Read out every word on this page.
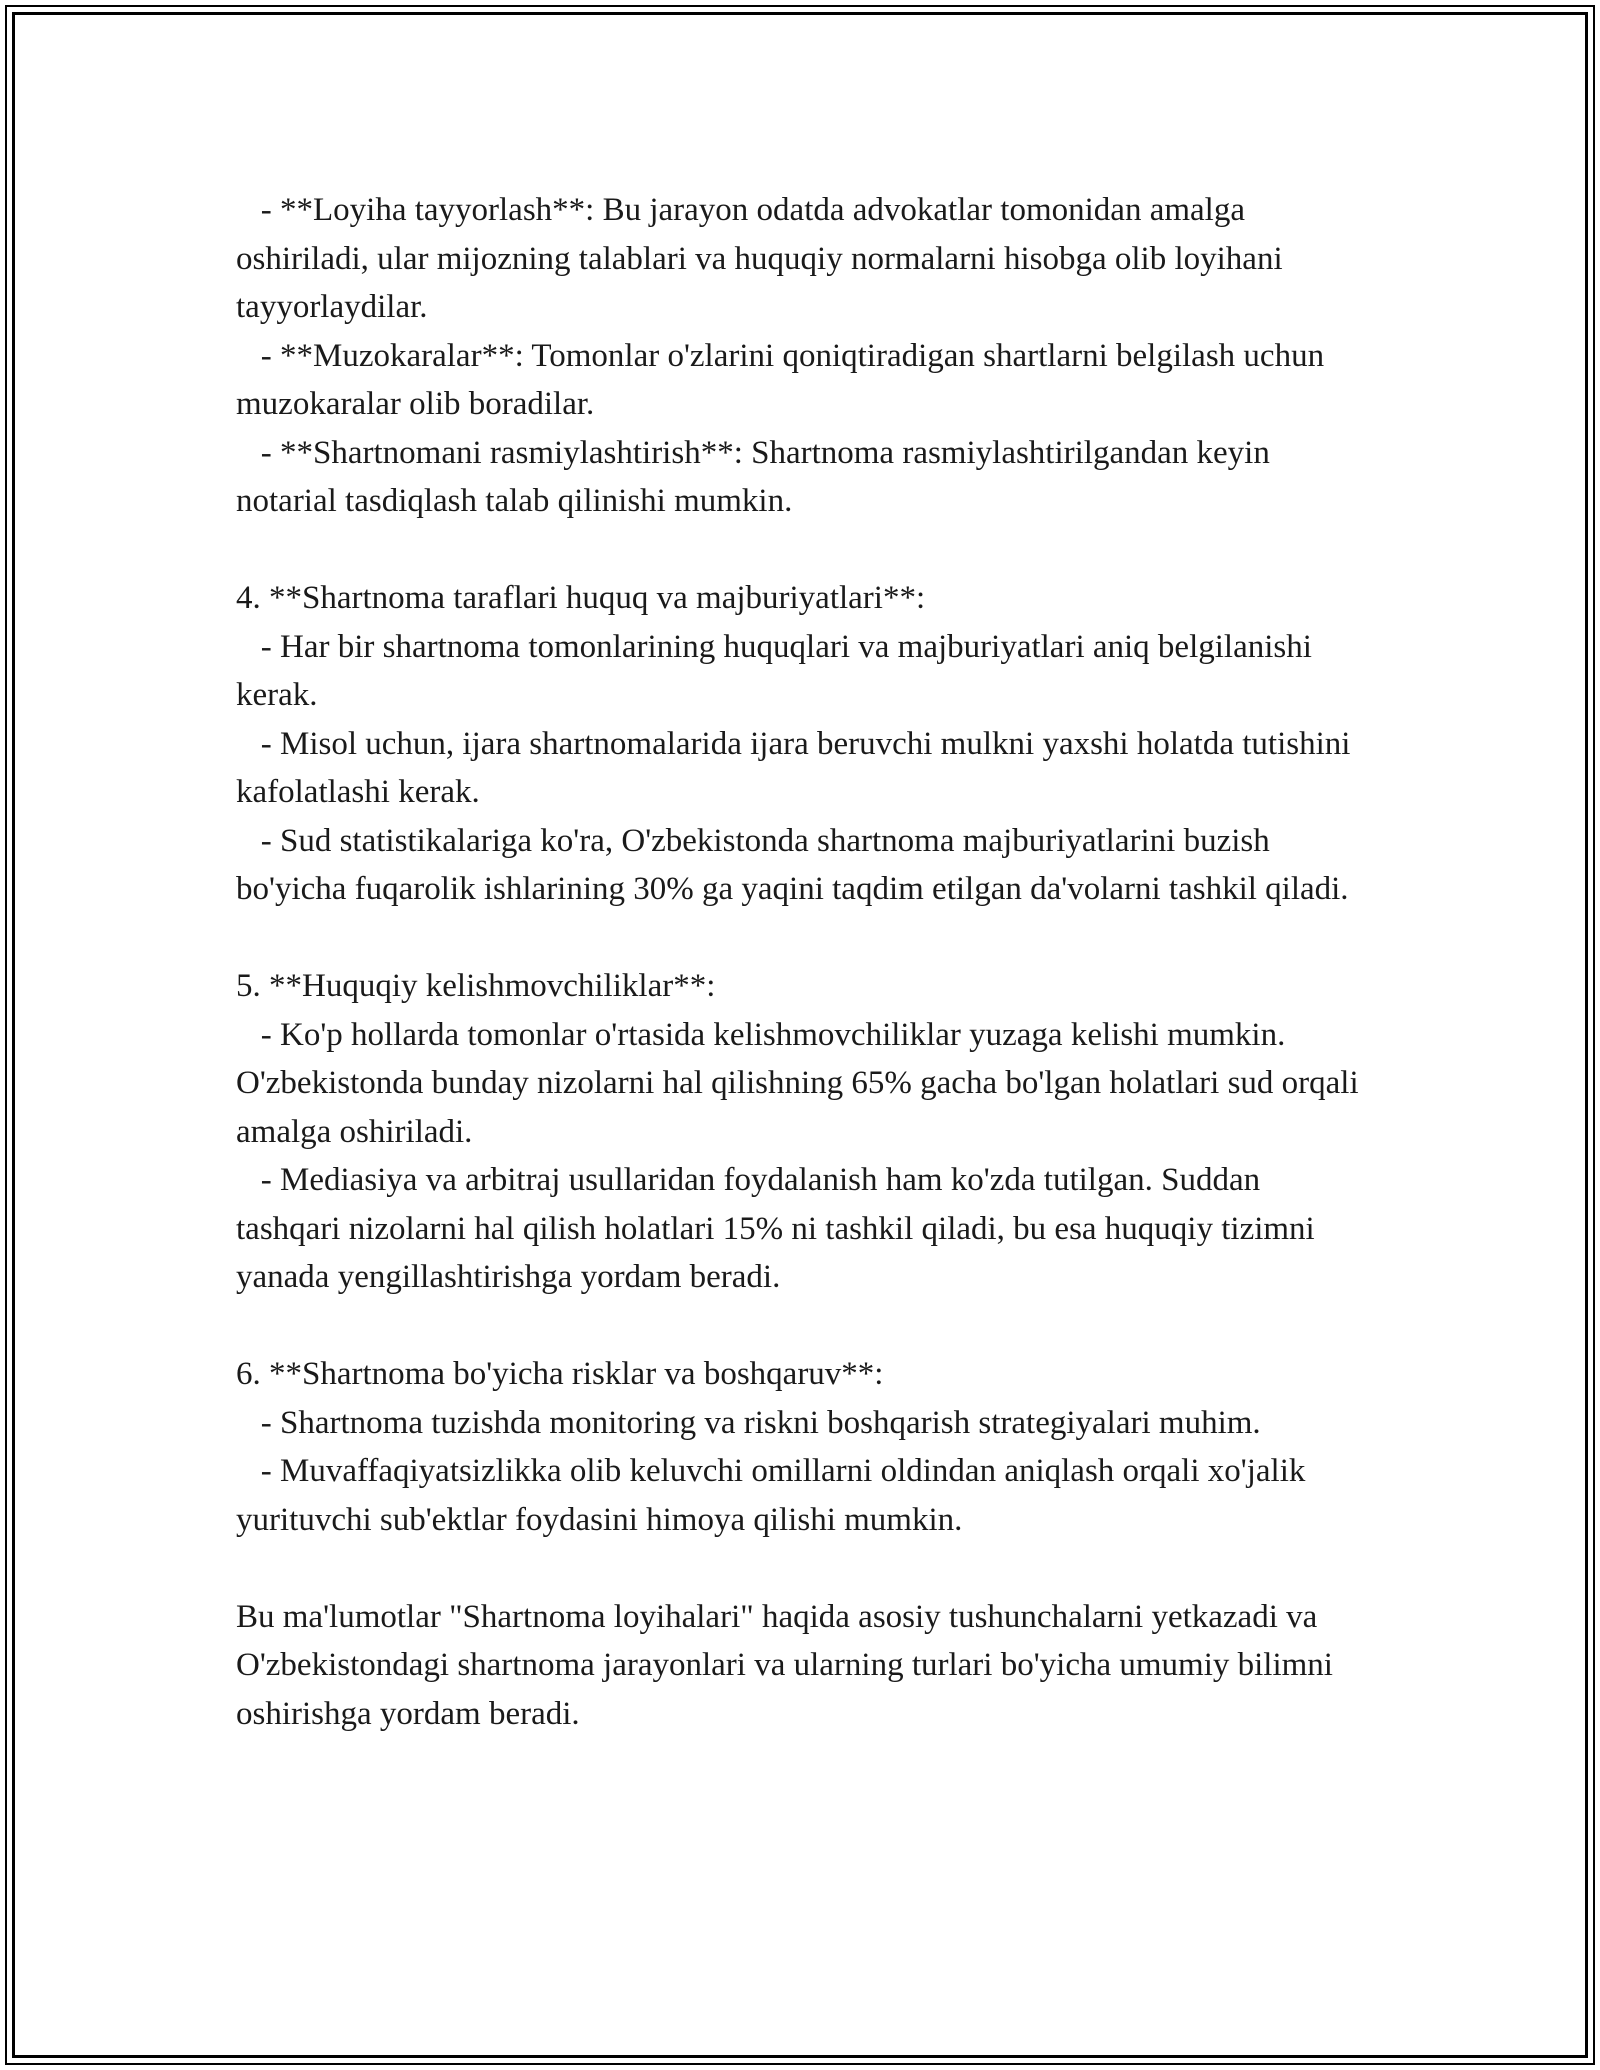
- **Loyiha tayyorlash**: Bu jarayon odatda advokatlar tomonidan amalga oshiriladi, ular mijozning talablari va huquqiy normalarni hisobga olib loyihani tayyorlaydilar.

- **Muzokaralar**: Tomonlar o'zlarini qoniqtiradigan shartlarni belgilash uchun muzokaralar olib boradilar.

- **Shartnomani rasmiylashtirish**: Shartnoma rasmiylashtirilgandan keyin notarial tasdiqlash talab qilinishi mumkin.

4. **Shartnoma taraflari huquq va majburiyatlari**:

- Har bir shartnoma tomonlarining huquqlari va majburiyatlari aniq belgilanishi kerak.

- Misol uchun, ijara shartnomalarida ijara beruvchi mulkni yaxshi holatda tutishini kafolatlashi kerak.

- Sud statistikalariga ko'ra, O'zbekistonda shartnoma majburiyatlarini buzish bo'yicha fuqarolik ishlarining 30% ga yaqini taqdim etilgan da'volarni tashkil qiladi.

5. **Huquqiy kelishmovchiliklar**:

- Ko'p hollarda tomonlar o'rtasida kelishmovchiliklar yuzaga kelishi mumkin. O'zbekistonda bunday nizolarni hal qilishning 65% gacha bo'lgan holatlari sud orqali amalga oshiriladi.

- Mediasiya va arbitraj usullaridan foydalanish ham ko'zda tutilgan. Suddan tashqari nizolarni hal qilish holatlari 15% ni tashkil qiladi, bu esa huquqiy tizimni yanada yengillashtirishga yordam beradi.

6. **Shartnoma bo'yicha risklar va boshqaruv**:

- Shartnoma tuzishda monitoring va riskni boshqarish strategiyalari muhim.

- Muvaffaqiyatsizlikka olib keluvchi omillarni oldindan aniqlash orqali xo'jalik yurituvchi sub'ektlar foydasini himoya qilishi mumkin.

Bu ma'lumotlar "Shartnoma loyihalari" haqida asosiy tushunchalarni yetkazadi va O'zbekistondagi shartnoma jarayonlari va ularning turlari bo'yicha umumiy bilimni oshirishga yordam beradi.
